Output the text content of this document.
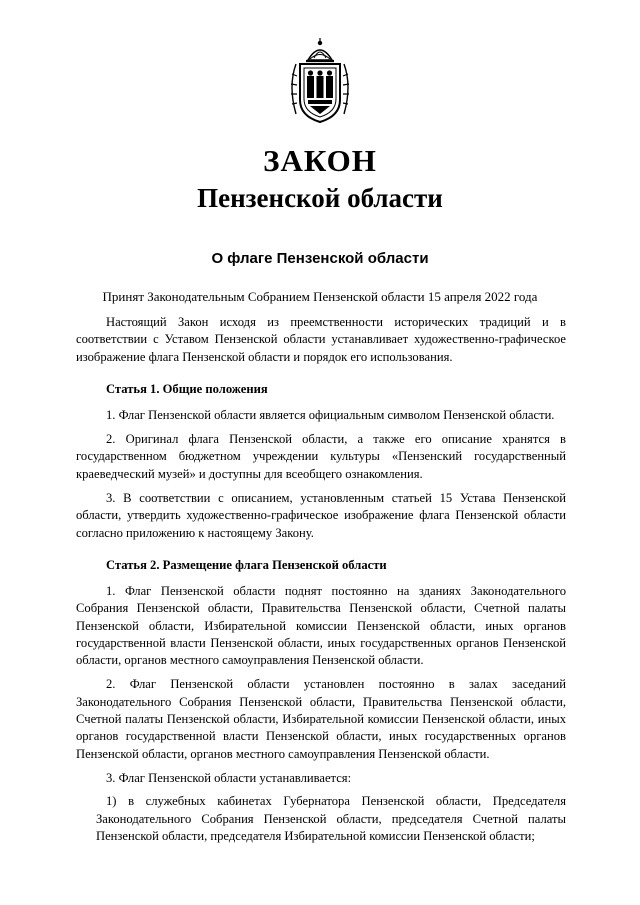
ЗАКОН
Пензенской области
О флаге Пензенской области
Принят Законодательным Собранием Пензенской области 15 апреля 2022 года

Настоящий Закон исходя из преемственности исторических традиций и в соответствии с Уставом Пензенской области устанавливает художественно-графическое изображение флага Пензенской области и порядок его использования.

Статья 1. Общие положения

1. Флаг Пензенской области является официальным символом Пензенской области.

2. Оригинал флага Пензенской области, а также его описание хранятся в государственном бюджетном учреждении культуры «Пензенский государственный краеведческий музей» и доступны для всеобщего ознакомления.

3. В соответствии с описанием, установленным статьей 15 Устава Пензенской области, утвердить художественно-графическое изображение флага Пензенской области согласно приложению к настоящему Закону.

Статья 2. Размещение флага Пензенской области

1. Флаг Пензенской области поднят постоянно на зданиях Законодательного Собрания Пензенской области, Правительства Пензенской области, Счетной палаты Пензенской области, Избирательной комиссии Пензенской области, иных органов государственной власти Пензенской области, иных государственных органов Пензенской области, органов местного самоуправления Пензенской области.

2. Флаг Пензенской области установлен постоянно в залах заседаний Законодательного Собрания Пензенской области, Правительства Пензенской области, Счетной палаты Пензенской области, Избирательной комиссии Пензенской области, иных органов государственной власти Пензенской области, иных государственных органов Пензенской области, органов местного самоуправления Пензенской области.

3. Флаг Пензенской области устанавливается:

1) в служебных кабинетах Губернатора Пензенской области, Председателя Законодательного Собрания Пензенской области, председателя Счетной палаты Пензенской области, председателя Избирательной комиссии Пензенской области;
